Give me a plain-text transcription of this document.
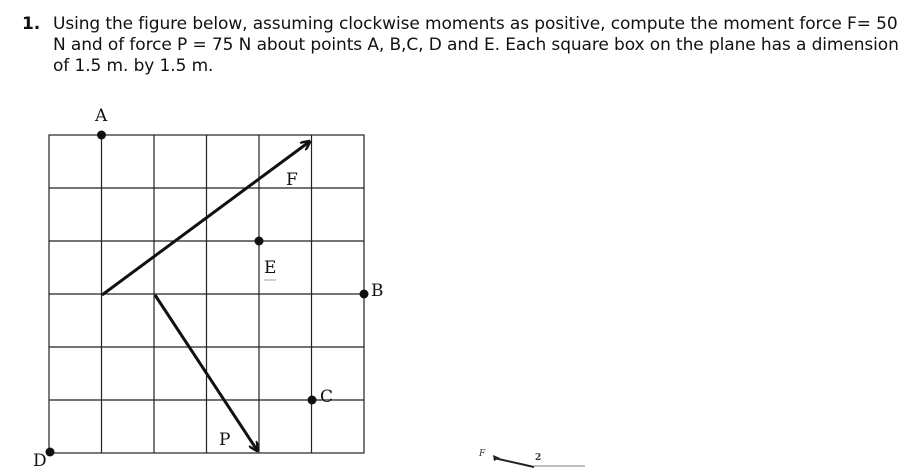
1. Using the figure below, assuming clockwise moments as positive, compute the moment force F= 50 N and of force P = 75 N about points A, B,C, D and E. Each square box on the plane has a dimension of 1.5 m. by 1.5 m.
A
B
C
D
E
F
P
F	2
